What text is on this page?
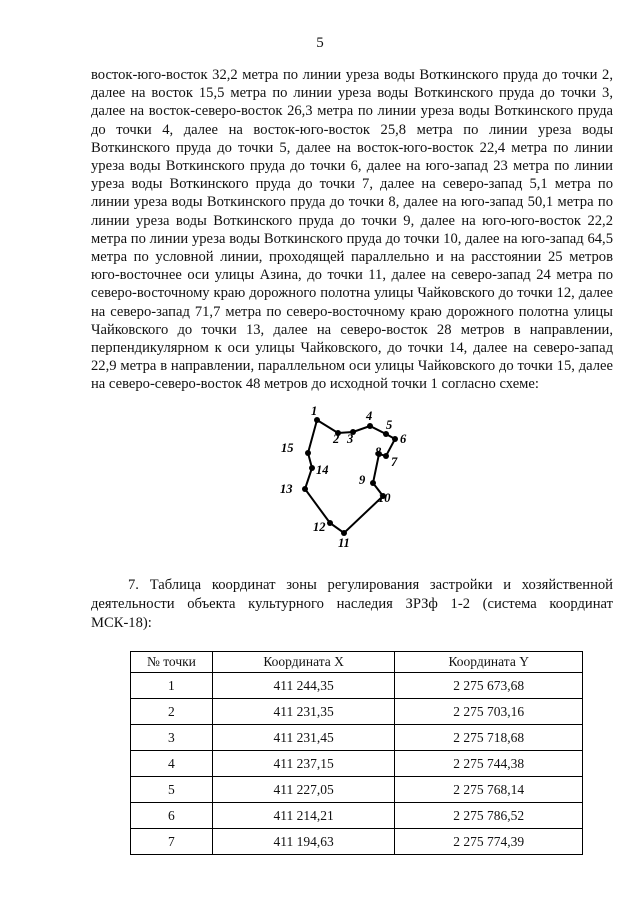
5

восток-юго-восток 32,2 метра по линии уреза воды Воткинского пруда до точки 2, далее на восток 15,5 метра по линии уреза воды Воткинского пруда до точки 3, далее на восток-северо-восток 26,3 метра по линии уреза воды Воткинского пруда до точки 4, далее на восток-юго-восток 25,8 метра по линии уреза воды Воткинского пруда до точки 5, далее на восток-юго-восток 22,4 метра по линии уреза воды Воткинского пруда до точки 6, далее на юго-запад 23 метра по линии уреза воды Воткинского пруда до точки 7, далее на северо-запад 5,1 метра по линии уреза воды Воткинского пруда до точки 8, далее на юго-запад 50,1 метра по линии уреза воды Воткинского пруда до точки 9, далее на юго-юго-восток 22,2 метра по линии уреза воды Воткинского пруда до точки 10, далее на юго-запад 64,5 метра по условной линии, проходящей параллельно и на расстоянии 25 метров юго-восточнее оси улицы Азина, до точки 11, далее на северо-запад 24 метра по северо-восточному краю дорожного полотна улицы Чайковского до точки 12, далее на северо-запад 71,7 метра по северо-восточному краю дорожного полотна улицы Чайковского до точки 13, далее на северо-восток 28 метров в направлении, перпендикулярном к оси улицы Чайковского, до точки 14, далее на северо-запад 22,9 метра в направлении, параллельном оси улицы Чайковского до точки 15, далее на северо-северо-восток 48 метров до исходной точки 1 согласно схеме:

1
2 3
4
5
6
7
8
9
10
11
12
13
14
15

7. Таблица координат зоны регулирования застройки и хозяйственной деятельности объекта культурного наследия ЗРЗф 1-2 (система координат МСК-18):

№ точки	Координата X	Координата Y
1	411 244,35	2 275 673,68
2	411 231,35	2 275 703,16
3	411 231,45	2 275 718,68
4	411 237,15	2 275 744,38
5	411 227,05	2 275 768,14
6	411 214,21	2 275 786,52
7	411 194,63	2 275 774,39
